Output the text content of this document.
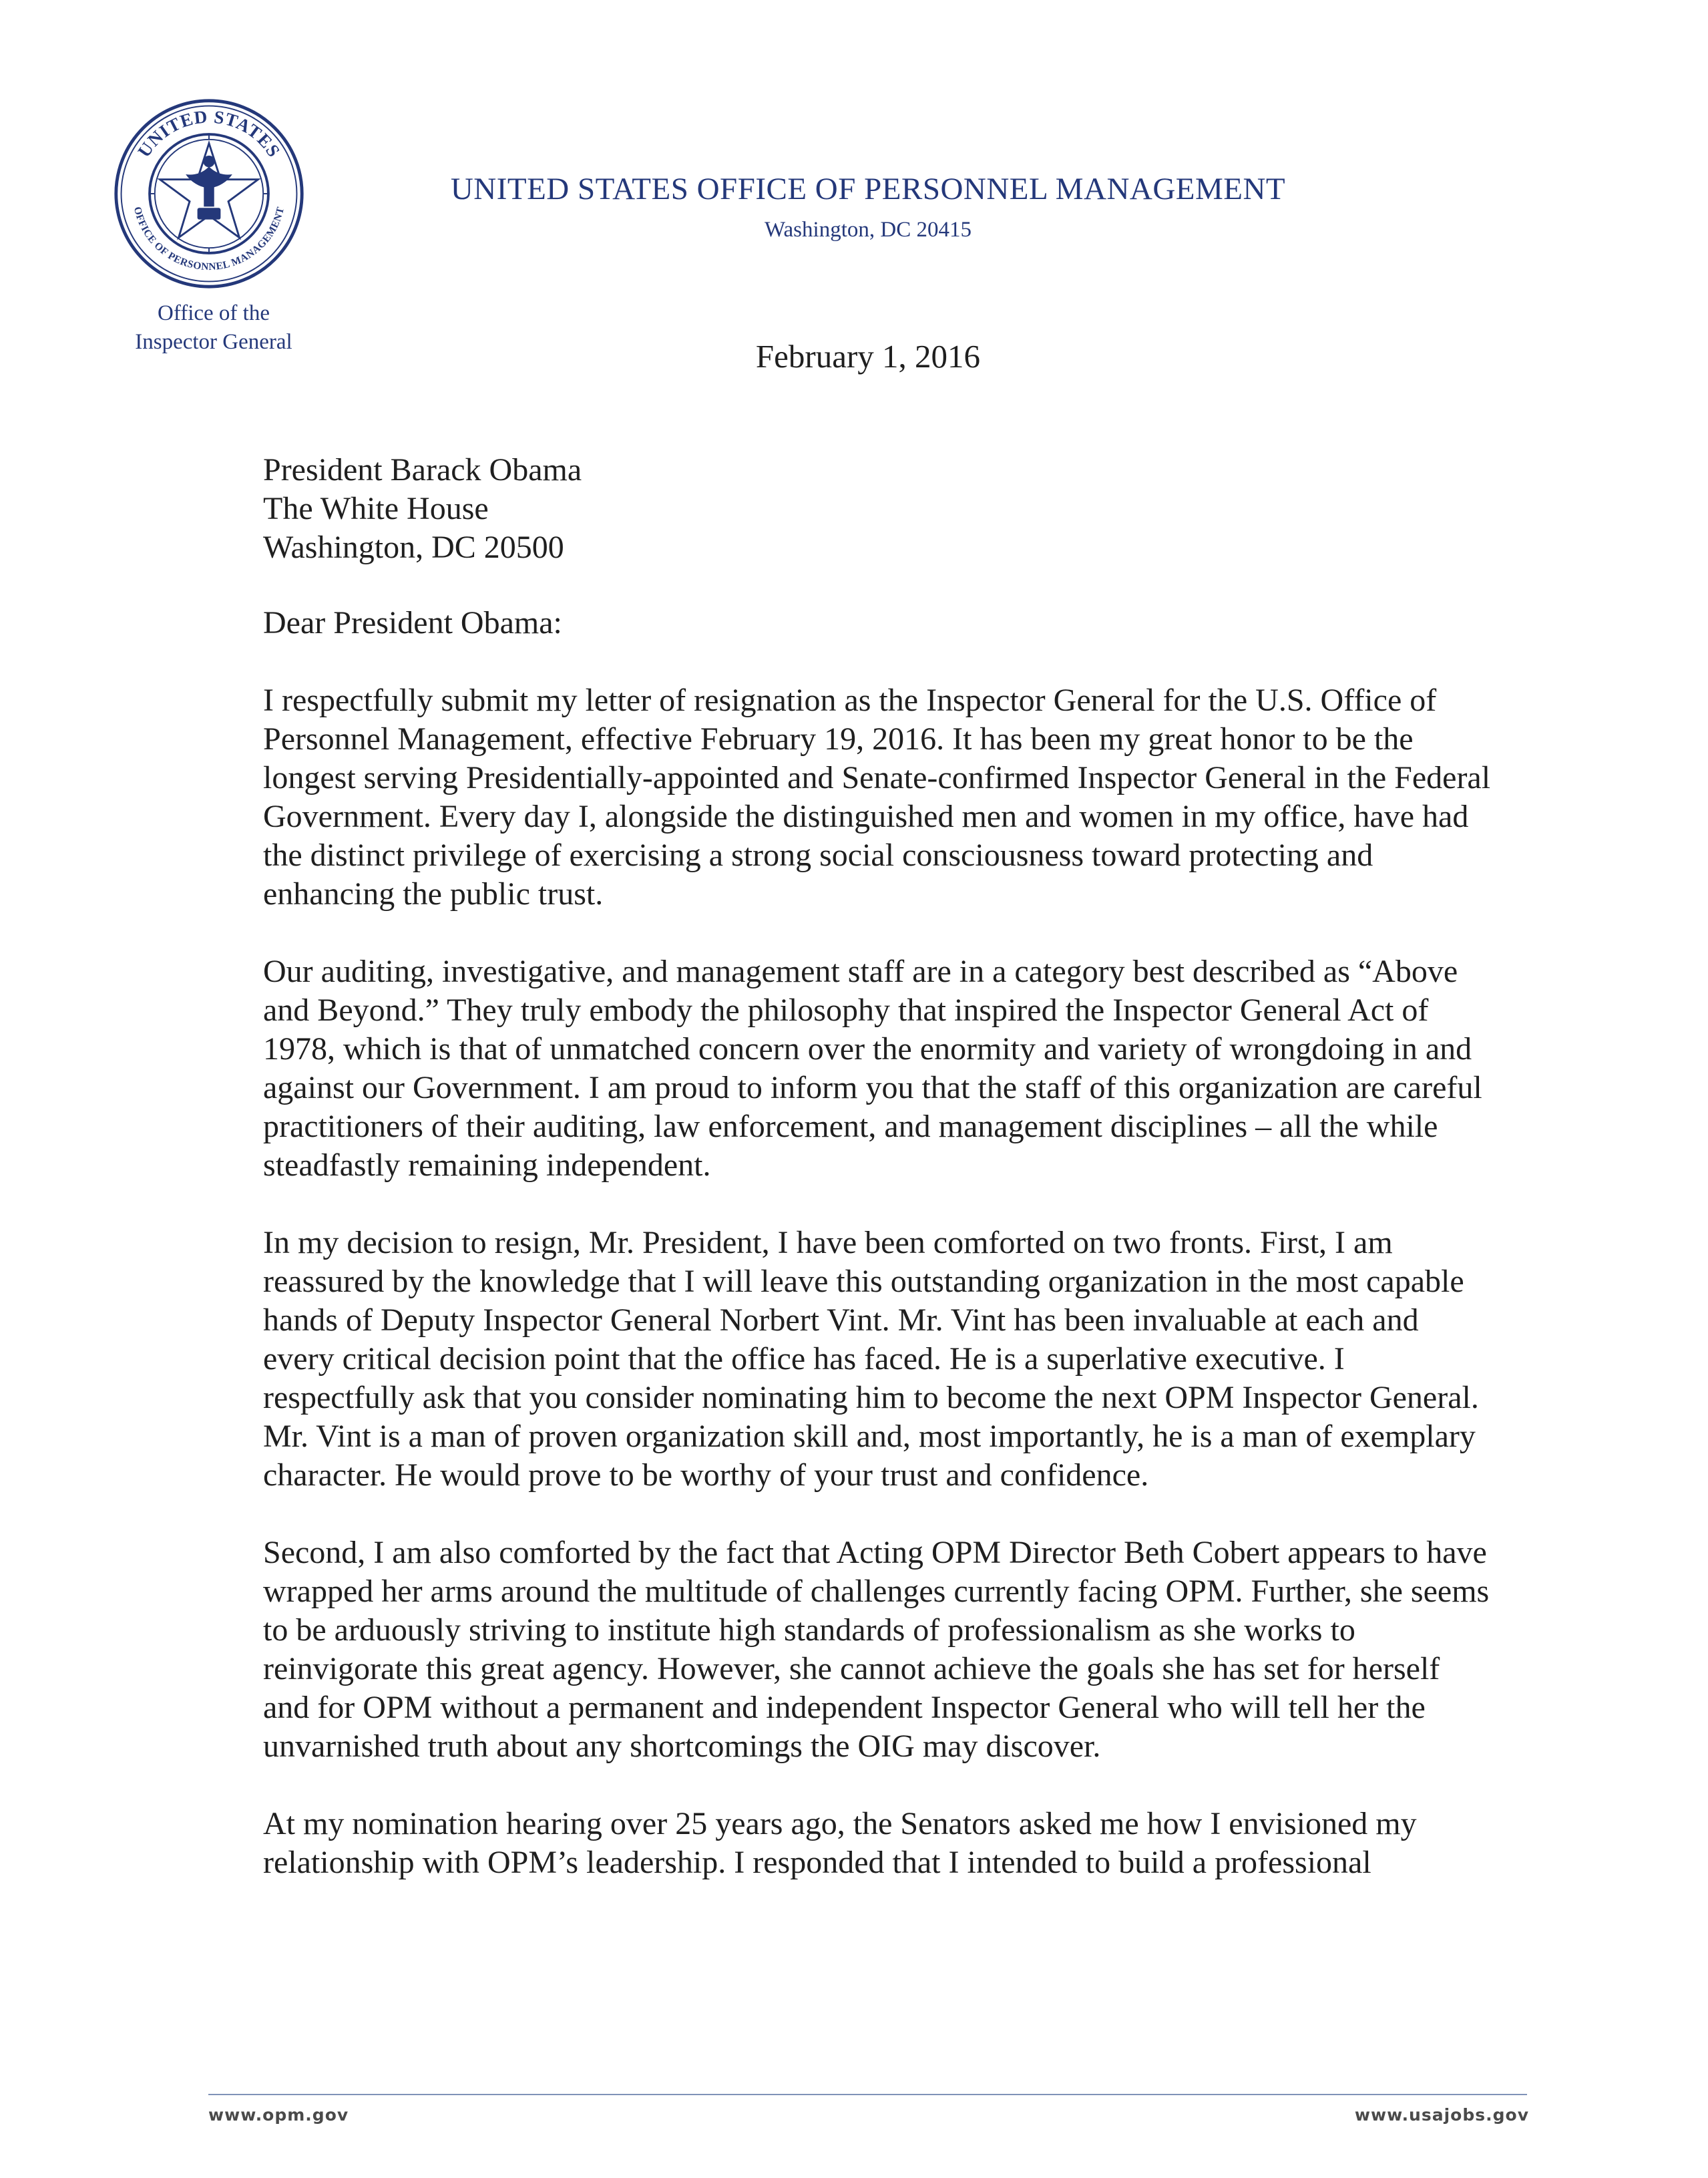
UNITED STATES
OFFICE OF PERSONNEL MANAGEMENT
Office of the
Inspector General
UNITED STATES OFFICE OF PERSONNEL MANAGEMENT
Washington, DC 20415
February 1, 2016
President Barack Obama
The White House
Washington, DC 20500
Dear President Obama:

I respectfully submit my letter of resignation as the Inspector General for the U.S. Office of Personnel Management, effective February 19, 2016. It has been my great honor to be the longest serving Presidentially-appointed and Senate-confirmed Inspector General in the Federal Government. Every day I, alongside the distinguished men and women in my office, have had the distinct privilege of exercising a strong social consciousness toward protecting and enhancing the public trust.

Our auditing, investigative, and management staff are in a category best described as “Above and Beyond.” They truly embody the philosophy that inspired the Inspector General Act of 1978, which is that of unmatched concern over the enormity and variety of wrongdoing in and against our Government. I am proud to inform you that the staff of this organization are careful practitioners of their auditing, law enforcement, and management disciplines – all the while steadfastly remaining independent.

In my decision to resign, Mr. President, I have been comforted on two fronts. First, I am reassured by the knowledge that I will leave this outstanding organization in the most capable hands of Deputy Inspector General Norbert Vint. Mr. Vint has been invaluable at each and every critical decision point that the office has faced. He is a superlative executive. I respectfully ask that you consider nominating him to become the next OPM Inspector General. Mr. Vint is a man of proven organization skill and, most importantly, he is a man of exemplary character. He would prove to be worthy of your trust and confidence.

Second, I am also comforted by the fact that Acting OPM Director Beth Cobert appears to have wrapped her arms around the multitude of challenges currently facing OPM. Further, she seems to be arduously striving to institute high standards of professionalism as she works to reinvigorate this great agency. However, she cannot achieve the goals she has set for herself and for OPM without a permanent and independent Inspector General who will tell her the unvarnished truth about any shortcomings the OIG may discover.

At my nomination hearing over 25 years ago, the Senators asked me how I envisioned my relationship with OPM’s leadership. I responded that I intended to build a professional

www.opm.gov	www.usajobs.gov
